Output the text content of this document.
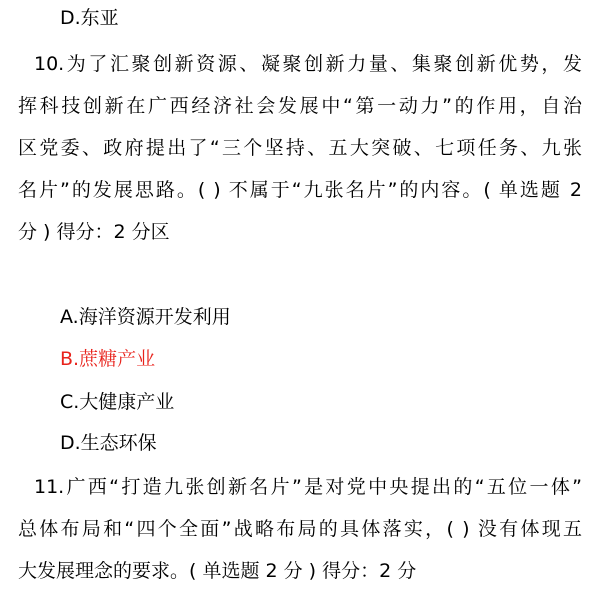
D.东亚
10.为了汇聚创新资源、凝聚创新力量、集聚创新优势，发
挥科技创新在广西经济社会发展中“第一动力”的作用，自治
区党委、政府提出了“三个坚持、五大突破、七项任务、九张
名片”的发展思路。( ) 不属于“九张名片”的内容。( 单选题 2
分 ) 得分：2 分区
A.海洋资源开发利用
B.蔗糖产业
C.大健康产业
D.生态环保
11.广西“打造九张创新名片”是对党中央提出的“五位一体”
总体布局和“四个全面”战略布局的具体落实，( ) 没有体现五
大发展理念的要求。( 单选题 2 分 ) 得分：2 分
